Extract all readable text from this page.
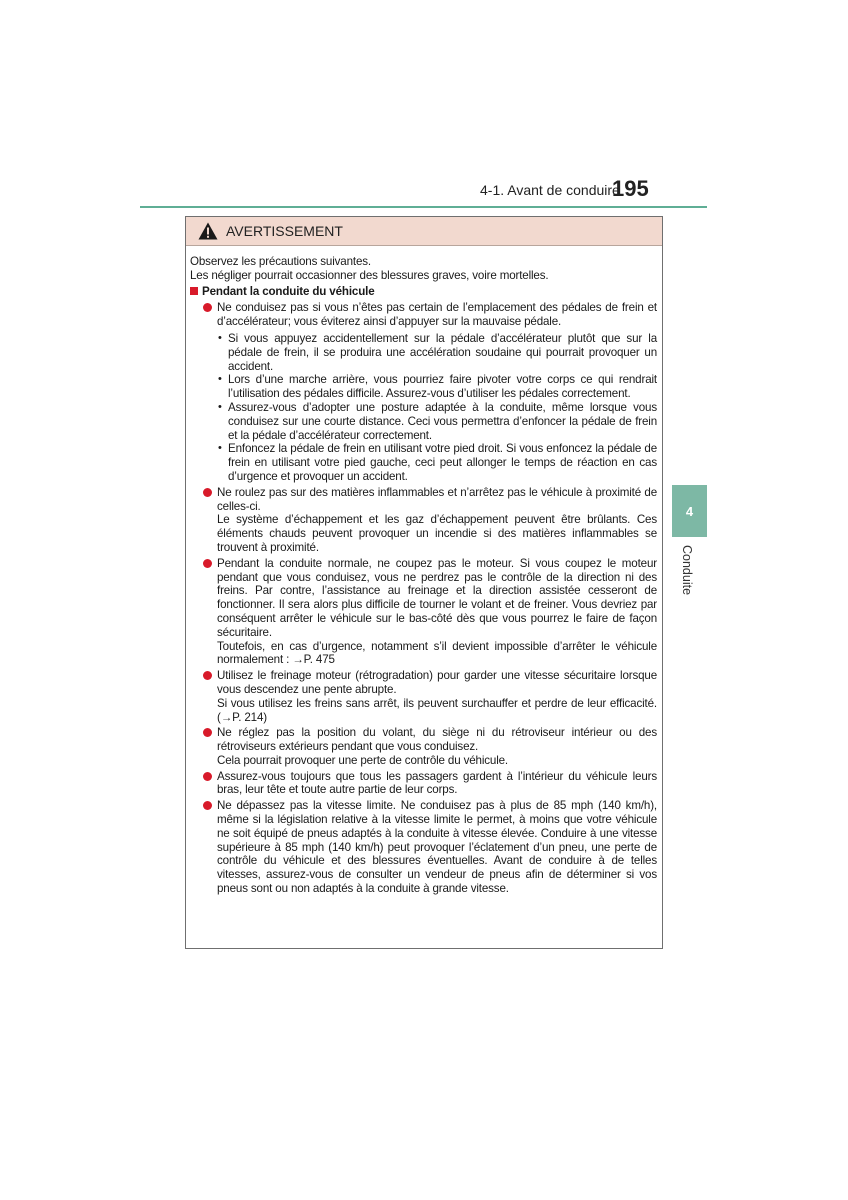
4-1. Avant de conduire
195
4
Conduite
AVERTISSEMENT

Observez les précautions suivantes.

Les négliger pourrait occasionner des blessures graves, voire mortelles.

Pendant la conduite du véhicule

Ne conduisez pas si vous n’êtes pas certain de l’emplacement des pédales de frein et d’accélérateur; vous éviterez ainsi d’appuyer sur la mauvaise pédale.

• Si vous appuyez accidentellement sur la pédale d’accélérateur plutôt que sur la pédale de frein, il se produira une accélération soudaine qui pourrait provoquer un accident.
• Lors d’une marche arrière, vous pourriez faire pivoter votre corps ce qui rendrait l’utilisation des pédales difficile. Assurez-vous d’utiliser les pédales correctement.
• Assurez-vous d’adopter une posture adaptée à la conduite, même lorsque vous conduisez sur une courte distance. Ceci vous permettra d’enfoncer la pédale de frein et la pédale d’accélérateur correctement.
• Enfoncez la pédale de frein en utilisant votre pied droit. Si vous enfoncez la pédale de frein en utilisant votre pied gauche, ceci peut allonger le temps de réaction en cas d’urgence et provoquer un accident.

Ne roulez pas sur des matières inflammables et n’arrêtez pas le véhicule à proximité de celles-ci.

Le système d’échappement et les gaz d’échappement peuvent être brûlants. Ces éléments chauds peuvent provoquer un incendie si des matières inflammables se trouvent à proximité.

Pendant la conduite normale, ne coupez pas le moteur. Si vous coupez le moteur pendant que vous conduisez, vous ne perdrez pas le contrôle de la direction ni des freins. Par contre, l’assistance au freinage et la direction assistée cesseront de fonctionner. Il sera alors plus difficile de tourner le volant et de freiner. Vous devriez par conséquent arrêter le véhicule sur le bas-côté dès que vous pourrez le faire de façon sécuritaire.

Toutefois, en cas d’urgence, notamment s’il devient impossible d’arrêter le véhicule normalement : →P. 475

Utilisez le freinage moteur (rétrogradation) pour garder une vitesse sécuritaire lorsque vous descendez une pente abrupte.

Si vous utilisez les freins sans arrêt, ils peuvent surchauffer et perdre de leur efficacité. (→P. 214)

Ne réglez pas la position du volant, du siège ni du rétroviseur intérieur ou des rétroviseurs extérieurs pendant que vous conduisez.

Cela pourrait provoquer une perte de contrôle du véhicule.

Assurez-vous toujours que tous les passagers gardent à l’intérieur du véhicule leurs bras, leur tête et toute autre partie de leur corps.

Ne dépassez pas la vitesse limite. Ne conduisez pas à plus de 85 mph (140 km/h), même si la législation relative à la vitesse limite le permet, à moins que votre véhicule ne soit équipé de pneus adaptés à la conduite à vitesse élevée. Conduire à une vitesse supérieure à 85 mph (140 km/h) peut provoquer l’éclatement d’un pneu, une perte de contrôle du véhicule et des blessures éventuelles. Avant de conduire à de telles vitesses, assurez-vous de consulter un vendeur de pneus afin de déterminer si vos pneus sont ou non adaptés à la conduite à grande vitesse.
